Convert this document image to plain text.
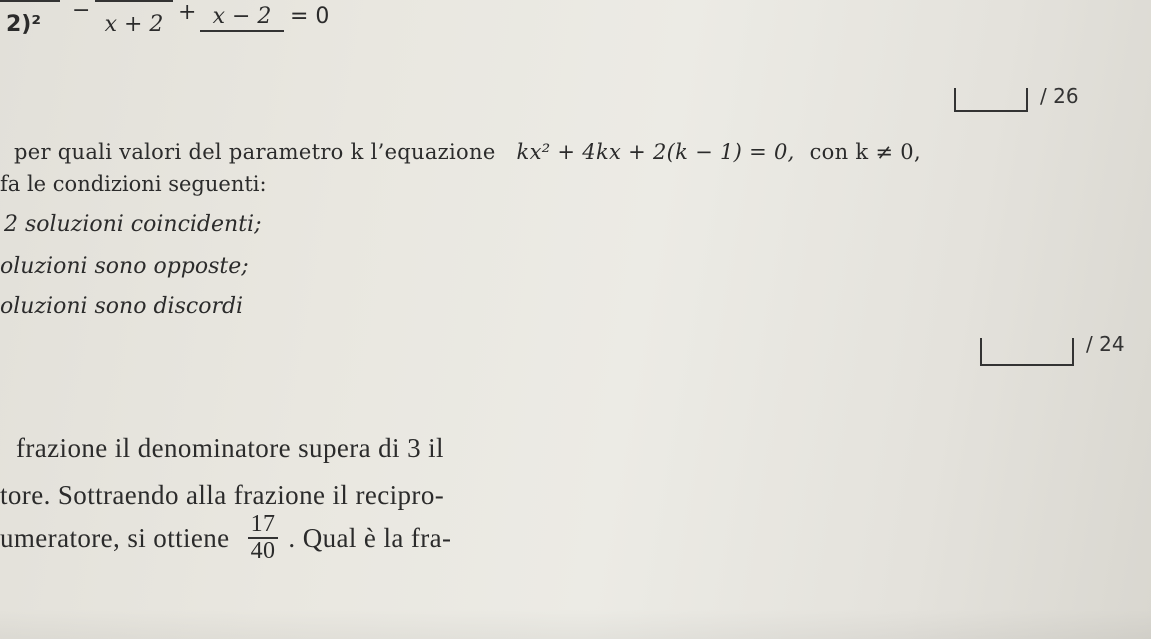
2)²
−
x + 2 + x − 2 = 0
/ 26
per quali valori del parametro k l’equazione kx² + 4kx + 2(k − 1) = 0, con k ≠ 0,
fa le condizioni seguenti:
2 soluzioni coincidenti;
oluzioni sono opposte;
oluzioni sono discordi
/ 24
frazione il denominatore supera di 3 il
tore. Sottraendo alla frazione il recipro-
umeratore, si ottiene $\frac{17}{40}$ . Qual è la fra-
